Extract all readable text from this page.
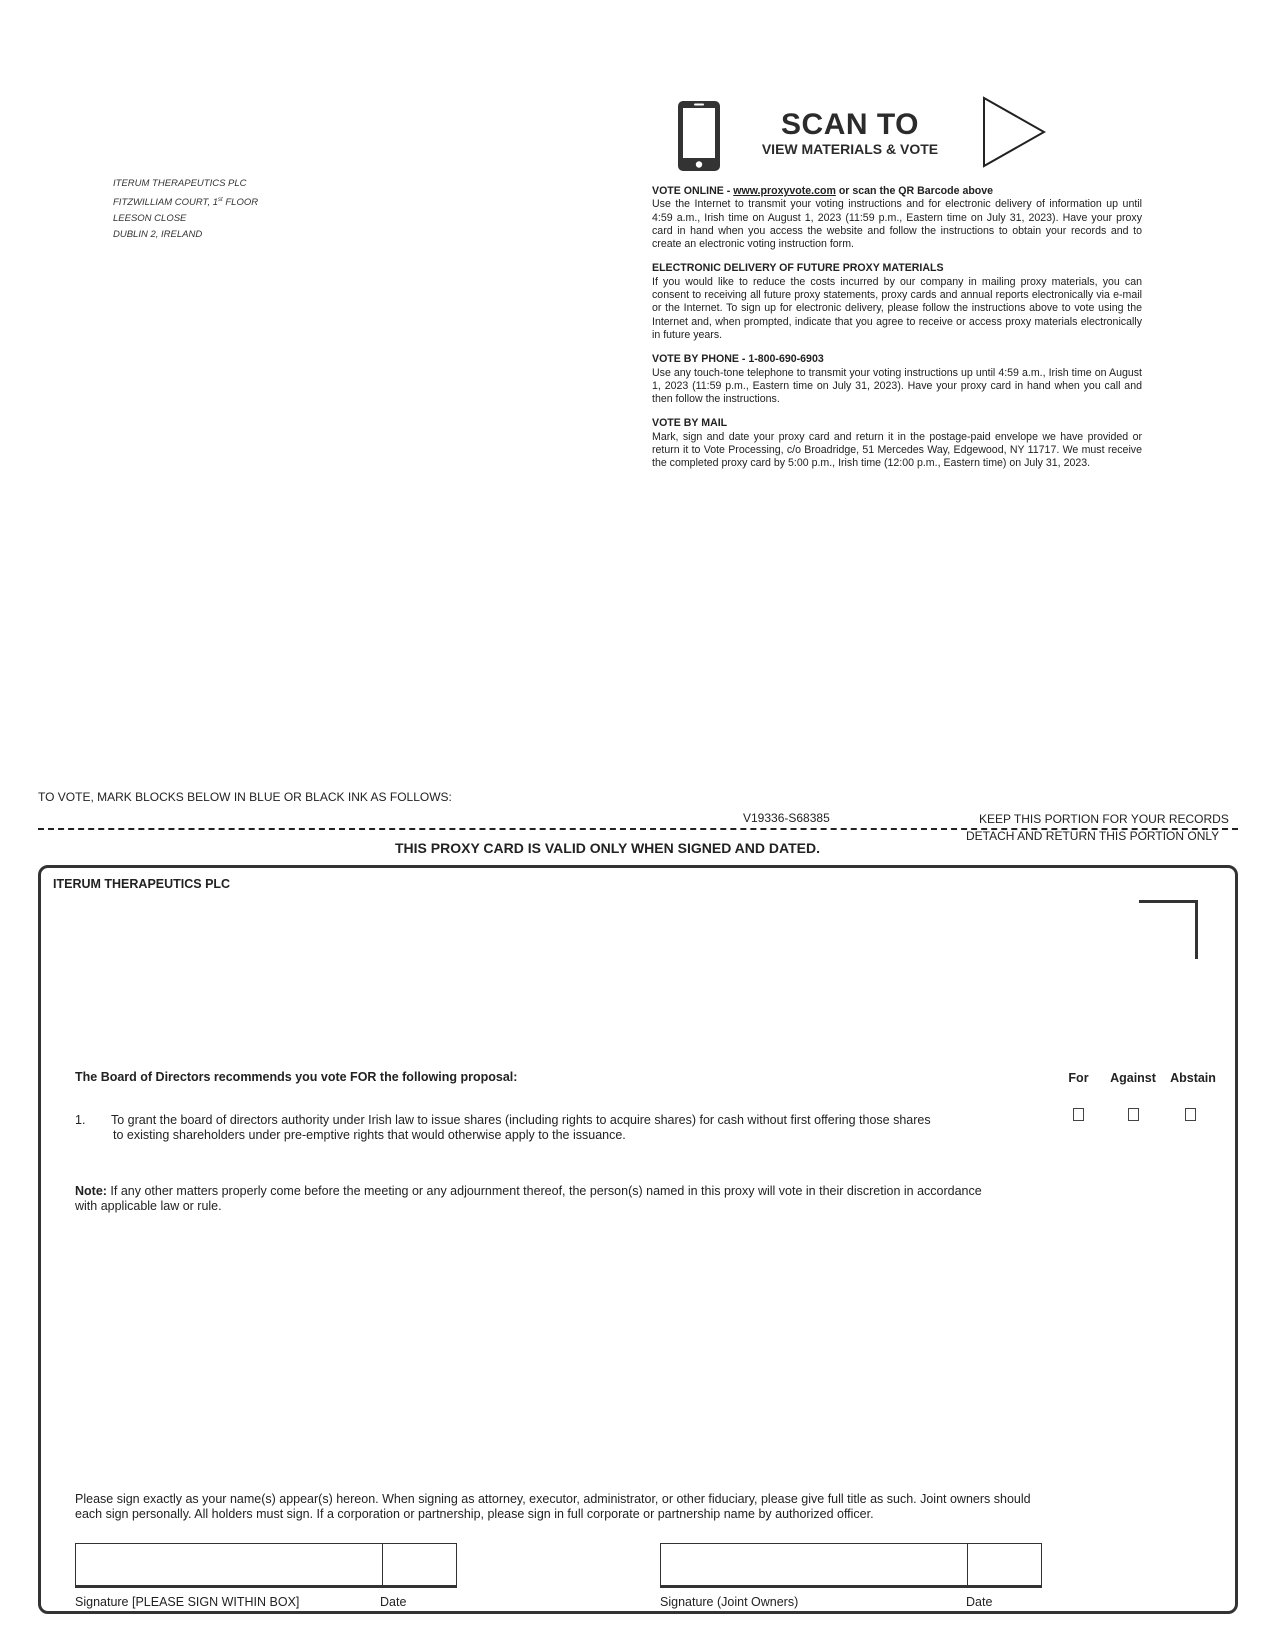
ITERUM THERAPEUTICS PLC
FITZWILLIAM COURT, 1st FLOOR
LEESON CLOSE
DUBLIN 2, IRELAND
SCAN TO
VIEW MATERIALS & VOTE
VOTE ONLINE - www.proxyvote.com or scan the QR Barcode above

Use the Internet to transmit your voting instructions and for electronic delivery of information up until 4:59 a.m., Irish time on August 1, 2023 (11:59 p.m., Eastern time on July 31, 2023). Have your proxy card in hand when you access the website and follow the instructions to obtain your records and to create an electronic voting instruction form.

ELECTRONIC DELIVERY OF FUTURE PROXY MATERIALS

If you would like to reduce the costs incurred by our company in mailing proxy materials, you can consent to receiving all future proxy statements, proxy cards and annual reports electronically via e-mail or the Internet. To sign up for electronic delivery, please follow the instructions above to vote using the Internet and, when prompted, indicate that you agree to receive or access proxy materials electronically in future years.

VOTE BY PHONE - 1-800-690-6903

Use any touch-tone telephone to transmit your voting instructions up until 4:59 a.m., Irish time on August 1, 2023 (11:59 p.m., Eastern time on July 31, 2023). Have your proxy card in hand when you call and then follow the instructions.

VOTE BY MAIL

Mark, sign and date your proxy card and return it in the postage-paid envelope we have provided or return it to Vote Processing, c/o Broadridge, 51 Mercedes Way, Edgewood, NY 11717. We must receive the completed proxy card by 5:00 p.m., Irish time (12:00 p.m., Eastern time) on July 31, 2023.

TO VOTE, MARK BLOCKS BELOW IN BLUE OR BLACK INK AS FOLLOWS:
V19336-S68385	KEEP THIS PORTION FOR YOUR RECORDS
DETACH AND RETURN THIS PORTION ONLY
THIS PROXY CARD IS VALID ONLY WHEN SIGNED AND DATED.
ITERUM THERAPEUTICS PLC
The Board of Directors recommends you vote FOR the following proposal:	For	Against	Abstain
1. To grant the board of directors authority under Irish law to issue shares (including rights to acquire shares) for cash without first offering those shares
to existing shareholders under pre-emptive rights that would otherwise apply to the issuance.
Note: If any other matters properly come before the meeting or any adjournment thereof, the person(s) named in this proxy will vote in their discretion in accordance with applicable law or rule.
Please sign exactly as your name(s) appear(s) hereon. When signing as attorney, executor, administrator, or other fiduciary, please give full title as such. Joint owners should each sign personally. All holders must sign. If a corporation or partnership, please sign in full corporate or partnership name by authorized officer.
Signature [PLEASE SIGN WITHIN BOX]	Date	Signature (Joint Owners)	Date
